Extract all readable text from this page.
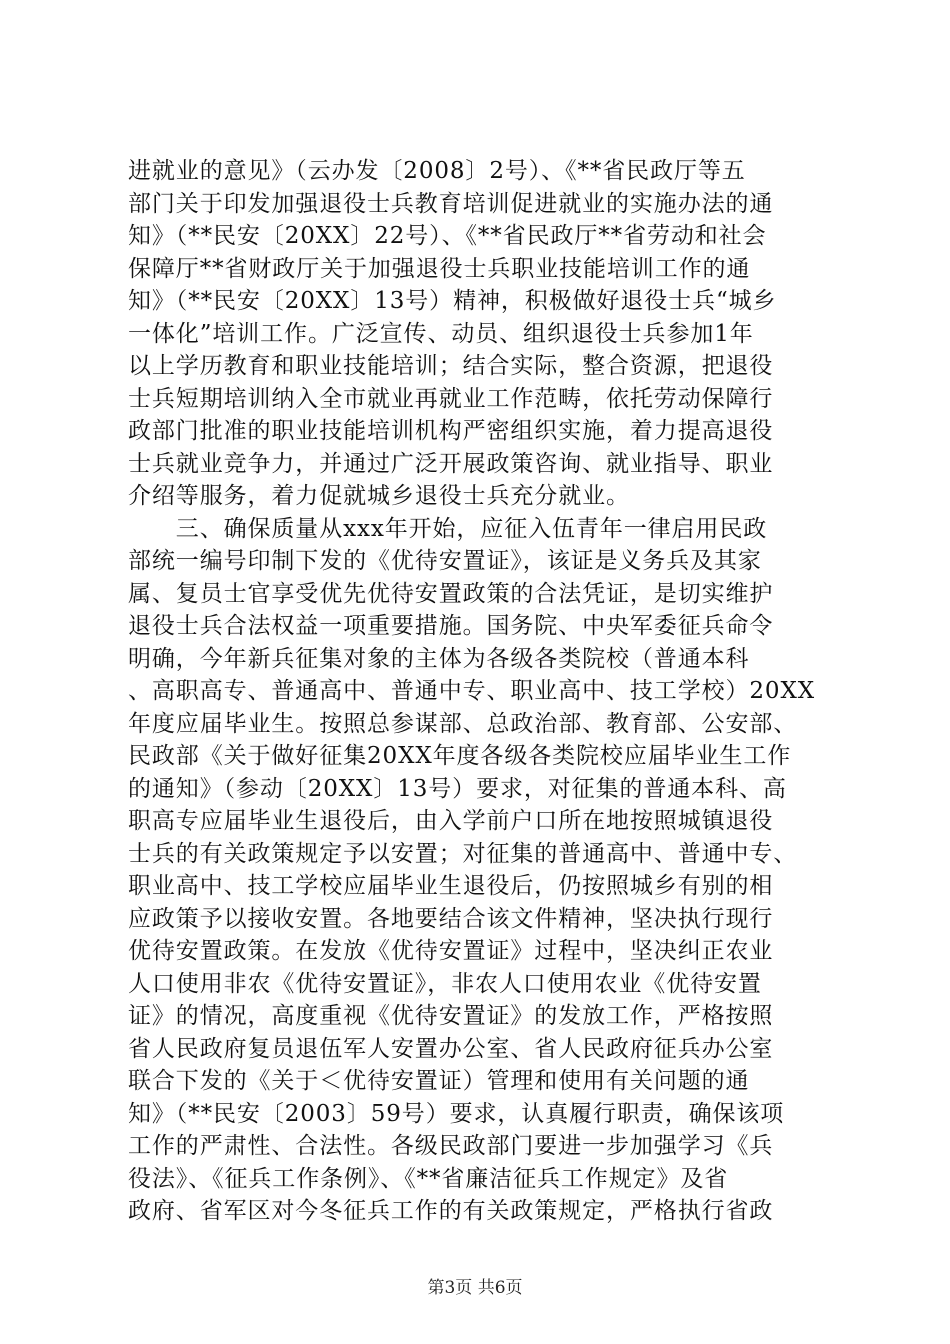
进就业的意见》（云办发〔2008〕2号）、《**省民政厅等五
部门关于印发加强退役士兵教育培训促进就业的实施办法的通
知》（**民安〔20XX〕22号）、《**省民政厅**省劳动和社会
保障厅**省财政厅关于加强退役士兵职业技能培训工作的通
知》（**民安〔20XX〕13号）精神，积极做好退役士兵“城乡
一体化”培训工作。广泛宣传、动员、组织退役士兵参加1年
以上学历教育和职业技能培训；结合实际，整合资源，把退役
士兵短期培训纳入全市就业再就业工作范畴，依托劳动保障行
政部门批准的职业技能培训机构严密组织实施，着力提高退役
士兵就业竞争力，并通过广泛开展政策咨询、就业指导、职业
介绍等服务，着力促就城乡退役士兵充分就业。
　　三、确保质量从xxx年开始，应征入伍青年一律启用民政
部统一编号印制下发的《优待安置证》，该证是义务兵及其家
属、复员士官享受优先优待安置政策的合法凭证，是切实维护
退役士兵合法权益一项重要措施。国务院、中央军委征兵命令
明确，今年新兵征集对象的主体为各级各类院校（普通本科
、高职高专、普通高中、普通中专、职业高中、技工学校）20XX
年度应届毕业生。按照总参谋部、总政治部、教育部、公安部、
民政部《关于做好征集20XX年度各级各类院校应届毕业生工作
的通知》（参动〔20XX〕13号）要求，对征集的普通本科、高
职高专应届毕业生退役后，由入学前户口所在地按照城镇退役
士兵的有关政策规定予以安置；对征集的普通高中、普通中专、
职业高中、技工学校应届毕业生退役后，仍按照城乡有别的相
应政策予以接收安置。各地要结合该文件精神，坚决执行现行
优待安置政策。在发放《优待安置证》过程中，坚决纠正农业
人口使用非农《优待安置证》，非农人口使用农业《优待安置
证》的情况，高度重视《优待安置证》的发放工作，严格按照
省人民政府复员退伍军人安置办公室、省人民政府征兵办公室
联合下发的《关于＜优待安置证）管理和使用有关问题的通
知》（**民安〔2003〕59号）要求，认真履行职责，确保该项
工作的严肃性、合法性。各级民政部门要进一步加强学习《兵
役法》、《征兵工作条例》、《**省廉洁征兵工作规定》及省
政府、省军区对今冬征兵工作的有关政策规定，严格执行省政
第3页 共6页
